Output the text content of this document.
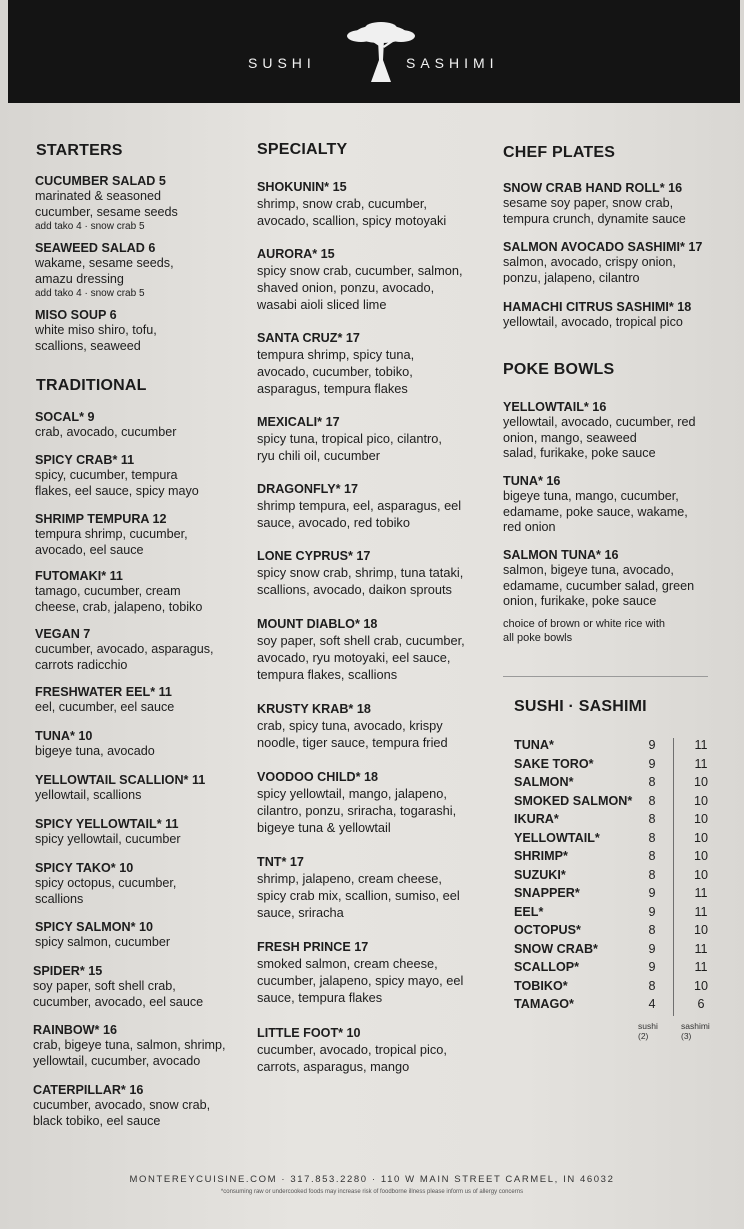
SUSHI	SASHIMI
STARTERS
CUCUMBER SALAD 5
marinated & seasoned
cucumber, sesame seeds
add tako 4 · snow crab 5
SEAWEED SALAD 6
wakame, sesame seeds,
amazu dressing
add tako 4 · snow crab 5
MISO SOUP 6
white miso shiro, tofu,
scallions, seaweed
TRADITIONAL
SOCAL* 9
crab, avocado, cucumber
SPICY CRAB* 11
spicy, cucumber, tempura
flakes, eel sauce, spicy mayo
SHRIMP TEMPURA 12
tempura shrimp, cucumber,
avocado, eel sauce
FUTOMAKI* 11
tamago, cucumber, cream
cheese, crab, jalapeno, tobiko
VEGAN 7
cucumber, avocado, asparagus,
carrots radicchio
FRESHWATER EEL* 11
eel, cucumber, eel sauce
TUNA* 10
bigeye tuna, avocado
YELLOWTAIL SCALLION* 11
yellowtail, scallions
SPICY YELLOWTAIL* 11
spicy yellowtail, cucumber
SPICY TAKO* 10
spicy octopus, cucumber,
scallions
SPICY SALMON* 10
spicy salmon, cucumber
SPIDER* 15
soy paper, soft shell crab,
cucumber, avocado, eel sauce
RAINBOW* 16
crab, bigeye tuna, salmon, shrimp,
yellowtail, cucumber, avocado
CATERPILLAR* 16
cucumber, avocado, snow crab,
black tobiko, eel sauce
SPECIALTY
SHOKUNIN* 15
shrimp, snow crab, cucumber,
avocado, scallion, spicy motoyaki
AURORA* 15
spicy snow crab, cucumber, salmon,
shaved onion, ponzu, avocado,
wasabi aioli sliced lime
SANTA CRUZ* 17
tempura shrimp, spicy tuna,
avocado, cucumber, tobiko,
asparagus, tempura flakes
MEXICALI* 17
spicy tuna, tropical pico, cilantro,
ryu chili oil, cucumber
DRAGONFLY* 17
shrimp tempura, eel, asparagus, eel
sauce, avocado, red tobiko
LONE CYPRUS* 17
spicy snow crab, shrimp, tuna tataki,
scallions, avocado, daikon sprouts
MOUNT DIABLO* 18
soy paper, soft shell crab, cucumber,
avocado, ryu motoyaki, eel sauce,
tempura flakes, scallions
KRUSTY KRAB* 18
crab, spicy tuna, avocado, krispy
noodle, tiger sauce, tempura fried
VOODOO CHILD* 18
spicy yellowtail, mango, jalapeno,
cilantro, ponzu, sriracha, togarashi,
bigeye tuna & yellowtail
TNT* 17
shrimp, jalapeno, cream cheese,
spicy crab mix, scallion, sumiso, eel
sauce, sriracha
FRESH PRINCE 17
smoked salmon, cream cheese,
cucumber, jalapeno, spicy mayo, eel
sauce, tempura flakes
LITTLE FOOT* 10
cucumber, avocado, tropical pico,
carrots, asparagus, mango
CHEF PLATES
SNOW CRAB HAND ROLL* 16
sesame soy paper, snow crab,
tempura crunch, dynamite sauce
SALMON AVOCADO SASHIMI* 17
salmon, avocado, crispy onion,
ponzu, jalapeno, cilantro
HAMACHI CITRUS SASHIMI* 18
yellowtail, avocado, tropical pico
POKE BOWLS
YELLOWTAIL* 16
yellowtail, avocado, cucumber, red
onion, mango, seaweed
salad, furikake, poke sauce
TUNA* 16
bigeye tuna, mango, cucumber,
edamame, poke sauce, wakame,
red onion
SALMON TUNA* 16
salmon, bigeye tuna, avocado,
edamame, cucumber salad, green
onion, furikake, poke sauce
choice of brown or white rice with
all poke bowls
SUSHI · SASHIMI
TUNA*	9	11
SAKE TORO*	9	11
SALMON*	8	10
SMOKED SALMON*	8	10
IKURA*	8	10
YELLOWTAIL*	8	10
SHRIMP*	8	10
SUZUKI*	8	10
SNAPPER*	9	11
EEL*	9	11
OCTOPUS*	8	10
SNOW CRAB*	9	11
SCALLOP*	9	11
TOBIKO*	8	10
TAMAGO*	4	6
sushi (2)
sashimi (3)
MONTEREYCUISINE.COM · 317.853.2280 · 110 W MAIN STREET CARMEL, IN 46032
*consuming raw or undercooked foods may increase risk of foodborne illness please inform us of allergy concerns
